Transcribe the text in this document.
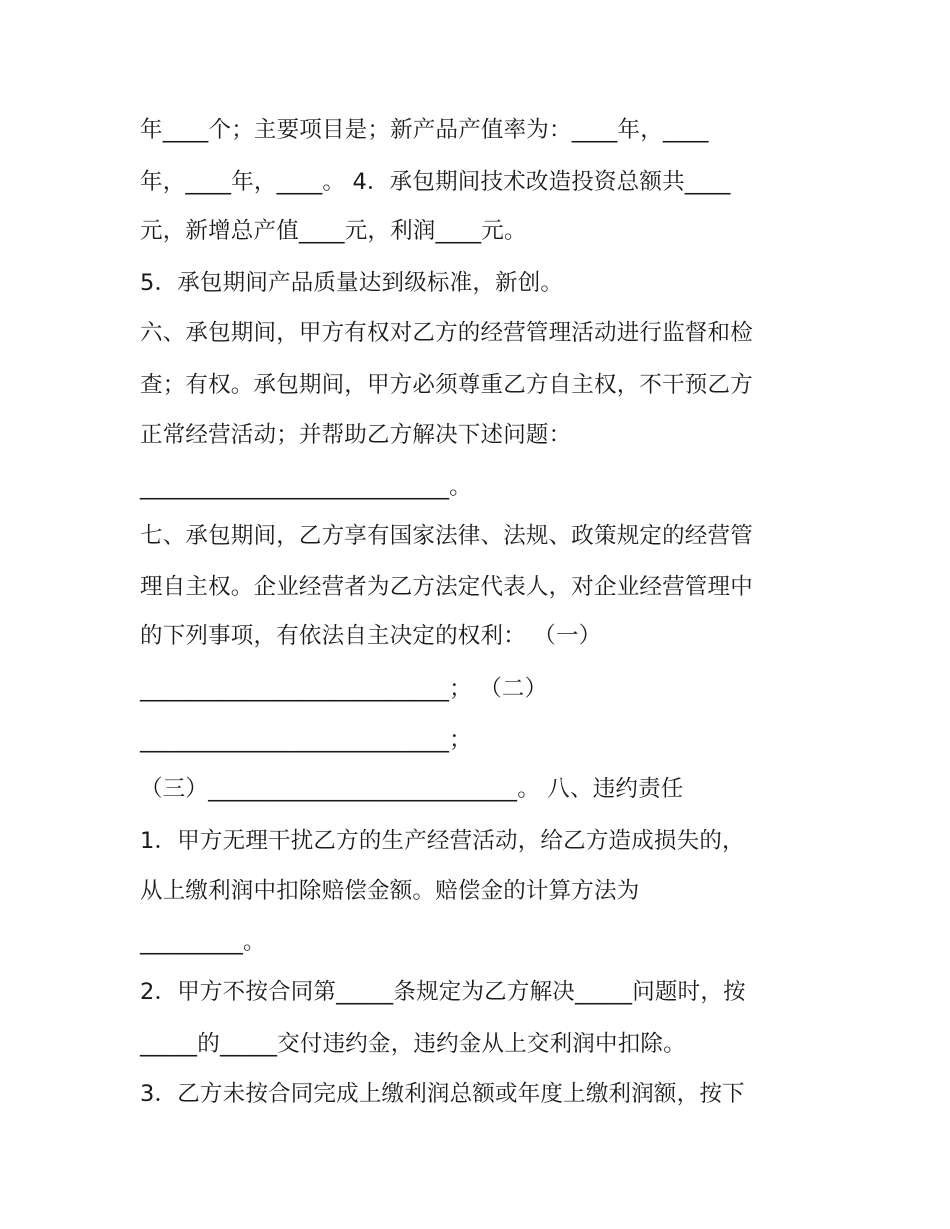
年____个；主要项目是；新产品产值率为：____年，____
年，____年，____。 4．承包期间技术改造投资总额共____
元，新增总产值____元，利润____元。
5．承包期间产品质量达到级标准，新创。
六、承包期间，甲方有权对乙方的经营管理活动进行监督和检
查；有权。承包期间，甲方必须尊重乙方自主权，不干预乙方
正常经营活动；并帮助乙方解决下述问题：
___________________________。
七、承包期间，乙方享有国家法律、法规、政策规定的经营管
理自主权。企业经营者为乙方法定代表人，对企业经营管理中
的下列事项，有依法自主决定的权利： （一）
___________________________； （二）
___________________________；
（三）___________________________。 八、违约责任
1．甲方无理干扰乙方的生产经营活动，给乙方造成损失的，
从上缴利润中扣除赔偿金额。赔偿金的计算方法为
_________。
2．甲方不按合同第_____条规定为乙方解决_____问题时，按
_____的_____交付违约金，违约金从上交利润中扣除。
3．乙方未按合同完成上缴利润总额或年度上缴利润额，按下
